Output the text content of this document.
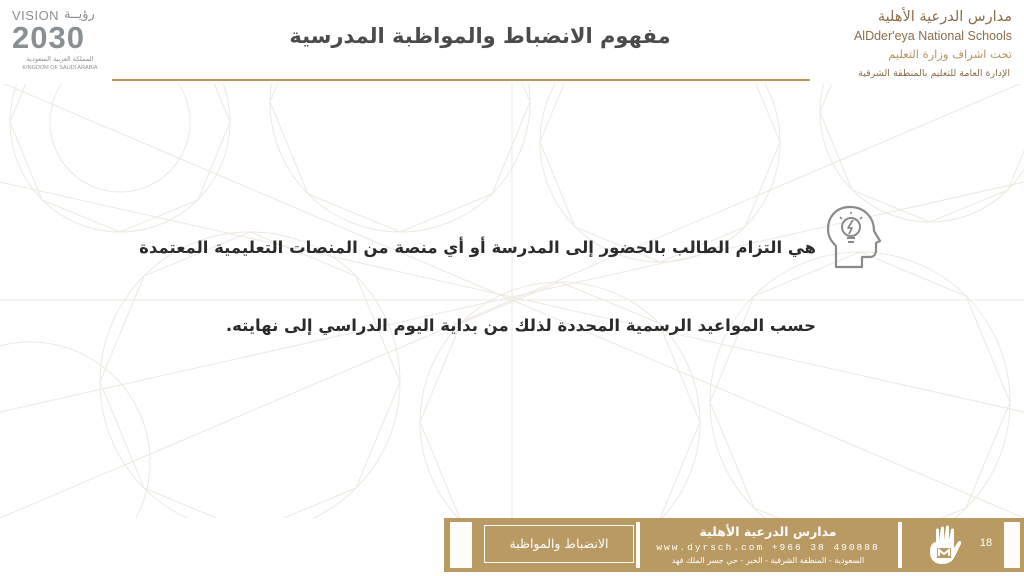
VISION رؤيــة
2030
المملكة العربية السعودية
KINGDOM OF SAUDI ARABIA
مفهوم الانضباط والمواظبة المدرسية
مدارس الدرعية الأهلية
AlDder'eya National Schools
تحت اشراف وزارة التعليم
الإدارة العامة للتعليم بالمنطقة الشرقية
هي التزام الطالب بالحضور إلى المدرسة أو أي منصة من المنصات التعليمية المعتمدة
حسب المواعيد الرسمية المحددة لذلك من بداية اليوم الدراسي إلى نهايته.
الانضباط والمواظبة
مدارس الدرعية الأهلية
www.dyrsch.com +966 38 490888
السعودية - المنطقة الشرقية - الخبر - حي جسر الملك فهد
18
